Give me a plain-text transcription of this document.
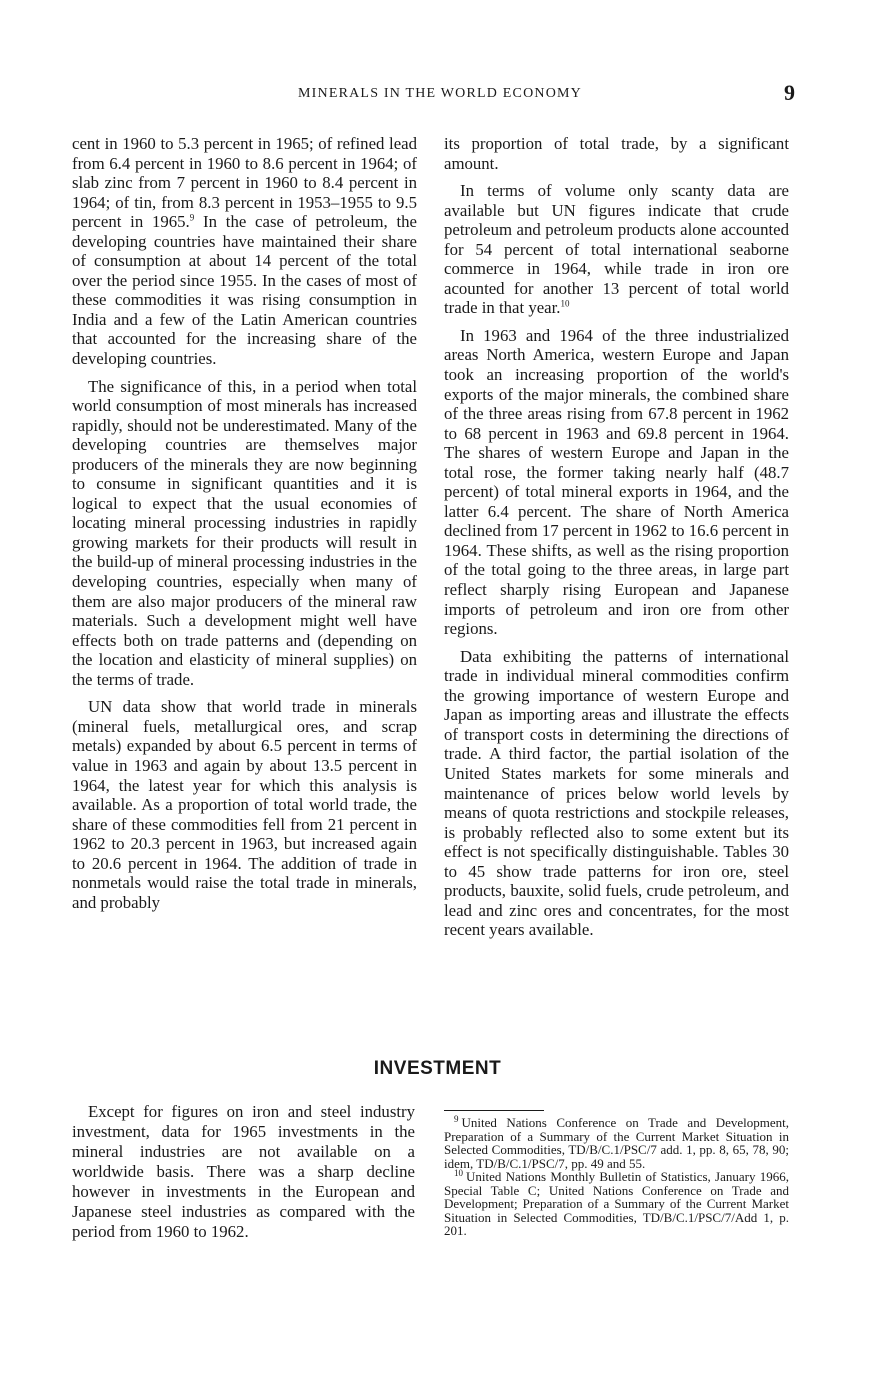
MINERALS IN THE WORLD ECONOMY	9

cent in 1960 to 5.3 percent in 1965; of refined lead from 6.4 percent in 1960 to 8.6 percent in 1964; of slab zinc from 7 percent in 1960 to 8.4 percent in 1964; of tin, from 8.3 percent in 1953–1955 to 9.5 percent in 1965.$^9$ In the case of petroleum, the developing countries have maintained their share of consumption at about 14 percent of the total over the period since 1955. In the cases of most of these commodities it was rising consumption in India and a few of the Latin American countries that accounted for the increasing share of the developing countries.

The significance of this, in a period when total world consumption of most minerals has increased rapidly, should not be underestimated. Many of the developing countries are themselves major producers of the minerals they are now beginning to consume in significant quantities and it is logical to expect that the usual economies of locating mineral processing industries in rapidly growing markets for their products will result in the build-up of mineral processing industries in the developing countries, especially when many of them are also major producers of the mineral raw materials. Such a development might well have effects both on trade patterns and (depending on the location and elasticity of mineral supplies) on the terms of trade.

UN data show that world trade in minerals (mineral fuels, metallurgical ores, and scrap metals) expanded by about 6.5 percent in terms of value in 1963 and again by about 13.5 percent in 1964, the latest year for which this analysis is available. As a proportion of total world trade, the share of these commodities fell from 21 percent in 1962 to 20.3 percent in 1963, but increased again to 20.6 percent in 1964. The addition of trade in nonmetals would raise the total trade in minerals, and probably

its proportion of total trade, by a significant amount.

In terms of volume only scanty data are available but UN figures indicate that crude petroleum and petroleum products alone accounted for 54 percent of total international seaborne commerce in 1964, while trade in iron ore acounted for another 13 percent of total world trade in that year.$^{10}$

In 1963 and 1964 of the three industrialized areas North America, western Europe and Japan took an increasing proportion of the world's exports of the major minerals, the combined share of the three areas rising from 67.8 percent in 1962 to 68 percent in 1963 and 69.8 percent in 1964. The shares of western Europe and Japan in the total rose, the former taking nearly half (48.7 percent) of total mineral exports in 1964, and the latter 6.4 percent. The share of North America declined from 17 percent in 1962 to 16.6 percent in 1964. These shifts, as well as the rising proportion of the total going to the three areas, in large part reflect sharply rising European and Japanese imports of petroleum and iron ore from other regions.

Data exhibiting the patterns of international trade in individual mineral commodities confirm the growing importance of western Europe and Japan as importing areas and illustrate the effects of transport costs in determining the directions of trade. A third factor, the partial isolation of the United States markets for some minerals and maintenance of prices below world levels by means of quota restrictions and stockpile releases, is probably reflected also to some extent but its effect is not specifically distinguishable. Tables 30 to 45 show trade patterns for iron ore, steel products, bauxite, solid fuels, crude petroleum, and lead and zinc ores and concentrates, for the most recent years available.

INVESTMENT

Except for figures on iron and steel industry investment, data for 1965 investments in the mineral industries are not available on a worldwide basis. There was a sharp decline however in investments in the European and Japanese steel industries as compared with the period from 1960 to 1962.

$^9$ United Nations Conference on Trade and Development, Preparation of a Summary of the Current Market Situation in Selected Commodities, TD/B/C.1/PSC/7 add. 1, pp. 8, 65, 78, 90; idem, TD/B/C.1/PSC/7, pp. 49 and 55.

$^{10}$ United Nations Monthly Bulletin of Statistics, January 1966, Special Table C; United Nations Conference on Trade and Development; Preparation of a Summary of the Current Market Situation in Selected Commodities, TD/B/C.1/PSC/7/Add 1, p. 201.
